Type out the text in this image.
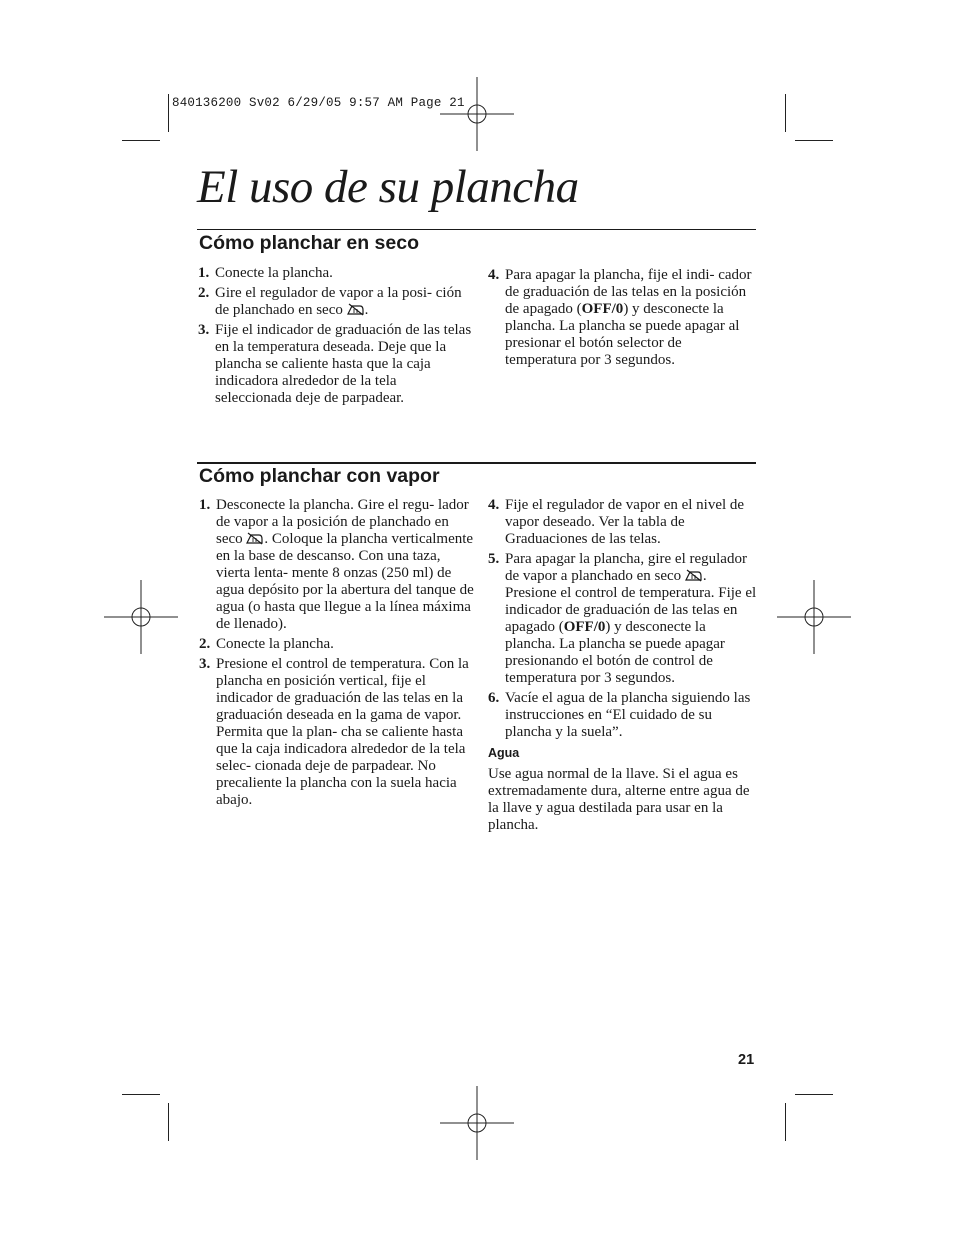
840136200 Sv02 6/29/05 9:57 AM Page 21
El uso de su plancha
Cómo planchar en seco
1. Conecte la plancha.
2. Gire el regulador de vapor a la posi- ción de planchado en seco .
3. Fije el indicador de graduación de las telas en la temperatura deseada. Deje que la plancha se caliente hasta que la caja indicadora alrededor de la tela seleccionada deje de parpadear.
4. Para apagar la plancha, fije el indi- cador de graduación de las telas en la posición de apagado (OFF/0) y desconecte la plancha. La plancha se puede apagar al presionar el botón selector de temperatura por 3 segundos.
Cómo planchar con vapor
1. Desconecte la plancha. Gire el regu- lador de vapor a la posición de planchado en seco . Coloque la plancha verticalmente en la base de descanso. Con una taza, vierta lenta- mente 8 onzas (250 ml) de agua depósito por la abertura del tanque de agua (o hasta que llegue a la línea máxima de llenado).
2. Conecte la plancha.
3. Presione el control de temperatura. Con la plancha en posición vertical, fije el indicador de graduación de las telas en la graduación deseada en la gama de vapor. Permita que la plan- cha se caliente hasta que la caja indicadora alrededor de la tela selec- cionada deje de parpadear. No precaliente la plancha con la suela hacia abajo.
4. Fije el regulador de vapor en el nivel de vapor deseado. Ver la tabla de Graduaciones de las telas.
5. Para apagar la plancha, gire el regulador de vapor a planchado en seco . Presione el control de temperatura. Fije el indicador de graduación de las telas en apagado (OFF/0) y desconecte la plancha. La plancha se puede apagar presionando el botón de control de temperatura por 3 segundos.
6. Vacíe el agua de la plancha siguiendo las instrucciones en “El cuidado de su plancha y la suela”.
Agua

Use agua normal de la llave. Si el agua es extremadamente dura, alterne entre agua de la llave y agua destilada para usar en la plancha.

21
